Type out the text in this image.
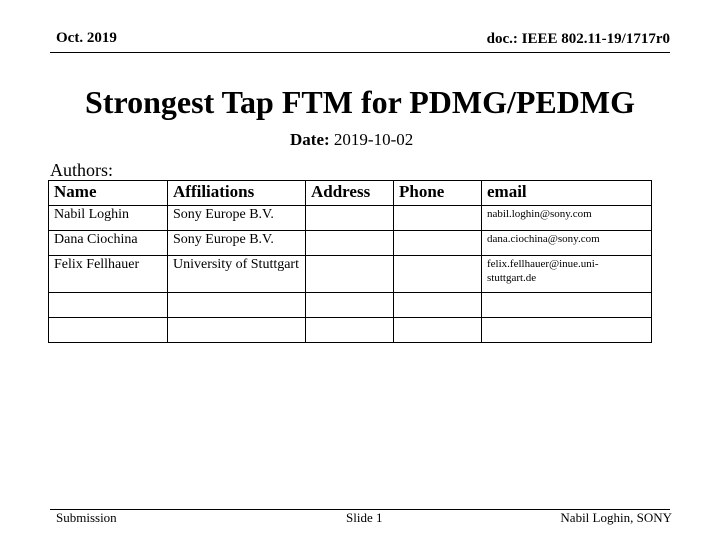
Oct. 2019	doc.: IEEE 802.11-19/1717r0
Strongest Tap FTM for PDMG/PEDMG
Date: 2019-10-02
Authors:
Name	Affiliations	Address	Phone	email
Nabil Loghin	Sony Europe B.V.			nabil.loghin@sony.com
Dana Ciochina	Sony Europe B.V.			dana.ciochina@sony.com
Felix Fellhauer	University of Stuttgart			felix.fellhauer@inue.uni-stuttgart.de

Submission	Slide 1	Nabil Loghin, SONY
